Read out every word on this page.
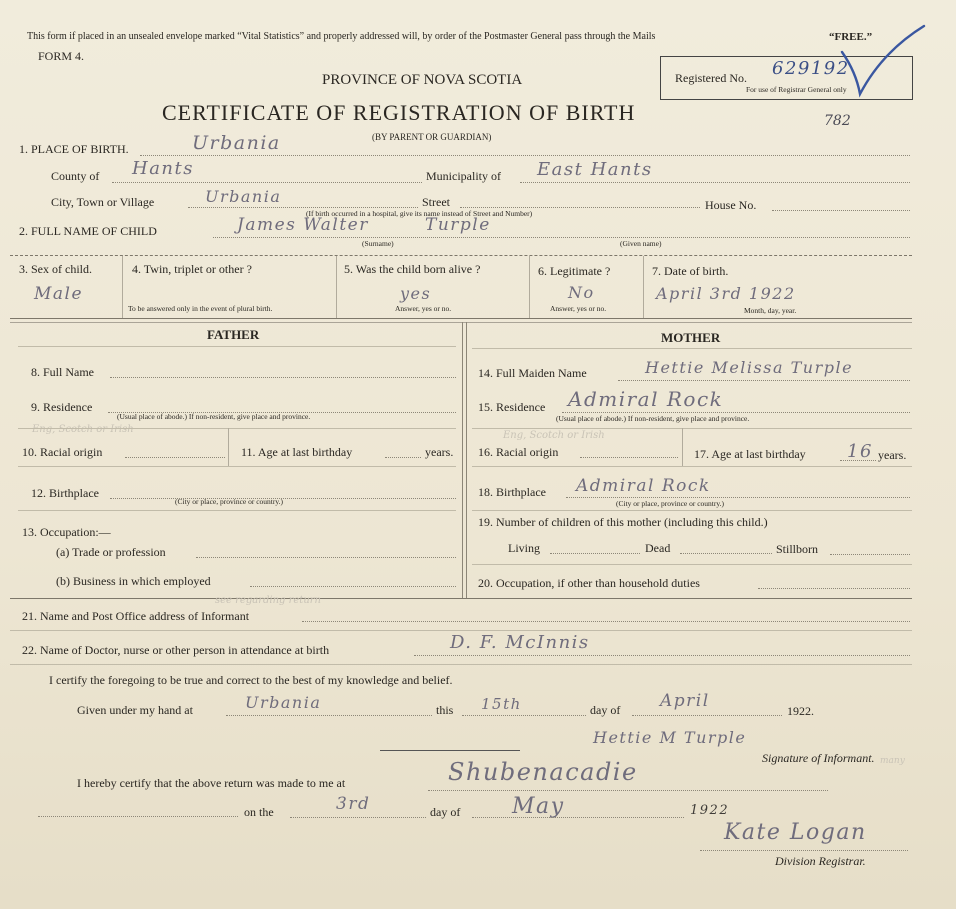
This form if placed in an unsealed envelope marked “Vital Statistics” and properly addressed will, by order of the Postmaster General pass through the Mails	“FREE.”
FORM 4.
PROVINCE OF NOVA SCOTIA
CERTIFICATE OF REGISTRATION OF BIRTH
(BY PARENT OR GUARDIAN)
Registered No. 629192
For use of Registrar General only
782
1. PLACE OF BIRTH.	Urbania
County of Hants	Municipality of East Hants
City, Town or Village	Urbania	Street	House No.
(If birth occurred in a hospital, give its name instead of Street and Number)
2. FULL NAME OF CHILD	James Walter	Turple
(Surname)	(Given name)
3. Sex of child.
Male
4. Twin, triplet or other ?
To be answered only in the event of plural birth.
5. Was the child born alive ?
yes
Answer, yes or no.
6. Legitimate ?
No
Answer, yes or no.
7. Date of birth.
April 3rd 1922
Month, day, year.
FATHER	MOTHER
8. Full Name
9. Residence
(Usual place of abode.) If non-resident, give place and province.
Eng, Scotch or Irish
10. Racial origin	11. Age at last birthday	years.
12. Birthplace
(City or place, province or country.)
13. Occupation:—
(a) Trade or profession
(b) Business in which employed
14. Full Maiden Name	Hettie Melissa Turple
15. Residence Admiral Rock
(Usual place of abode.) If non-resident, give place and province.
Eng, Scotch or Irish
16. Racial origin	17. Age at last birthday 16 years.
18. Birthplace Admiral Rock
(City or place, province or country.)
19. Number of children of this mother (including this child.)
Living	Dead	Stillborn
20. Occupation, if other than household duties
see regarding return
21. Name and Post Office address of Informant
22. Name of Doctor, nurse or other person in attendance at birth	D. F. McInnis
I certify the foregoing to be true and correct to the best of my knowledge and belief.
Given under my hand at	Urbania	this 15th	day of April	1922.
Hettie M Turple
Signature of Informant. many
I hereby certify that the above return was made to me at	Shubenacadie
on the	3rd	day of May	1922
Kate Logan
Division Registrar.
